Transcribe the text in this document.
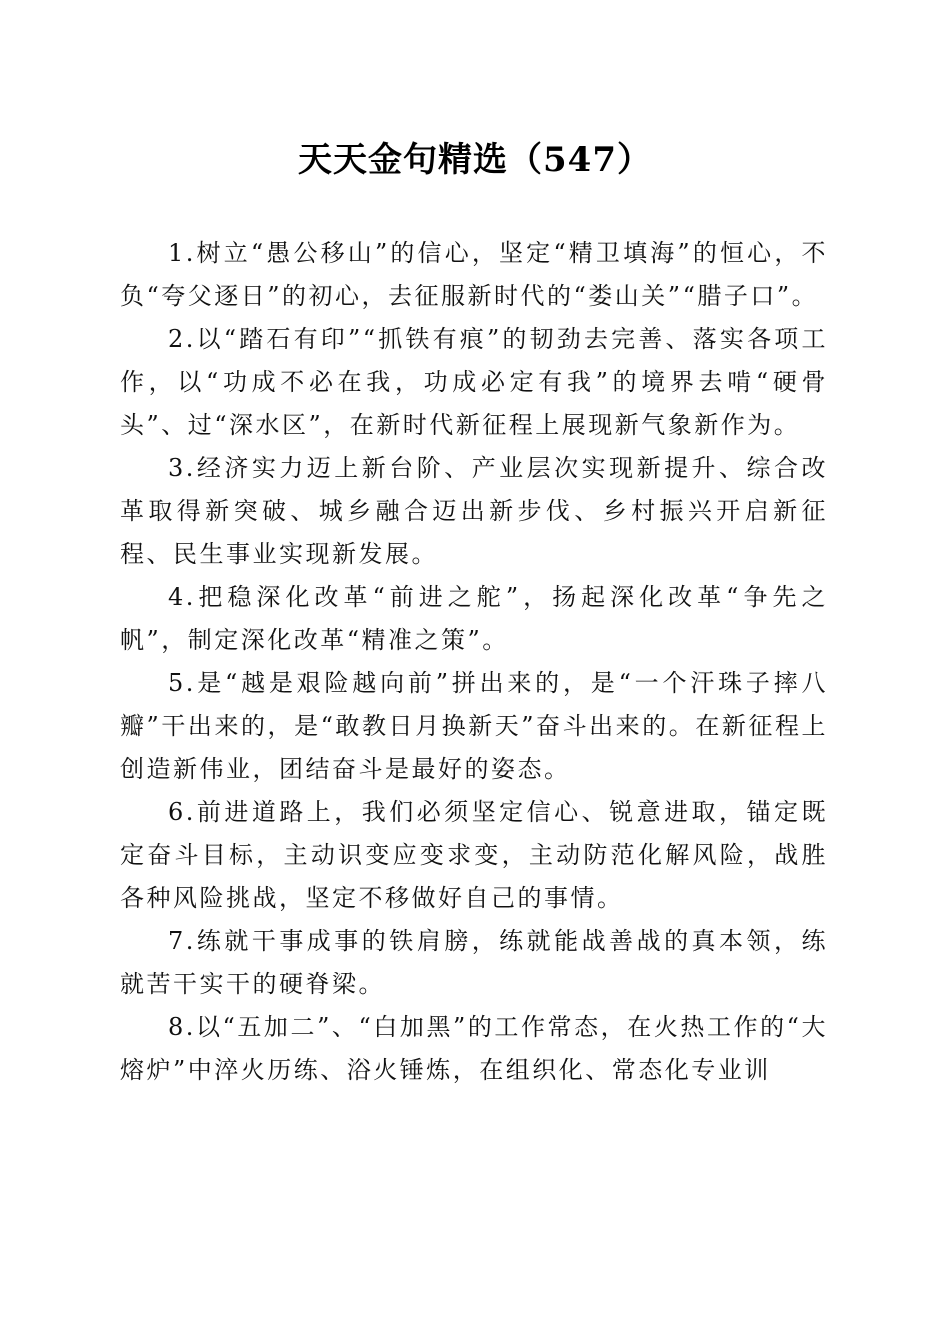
天天金句精选（547）

1.树立“愚公移山”的信心，坚定“精卫填海”的恒心，不负“夸父逐日”的初心，去征服新时代的“娄山关”“腊子口”。

2.以“踏石有印”“抓铁有痕”的韧劲去完善、落实各项工作，以“功成不必在我，功成必定有我”的境界去啃“硬骨头”、过“深水区”，在新时代新征程上展现新气象新作为。

3.经济实力迈上新台阶、产业层次实现新提升、综合改革取得新突破、城乡融合迈出新步伐、乡村振兴开启新征程、民生事业实现新发展。

4.把稳深化改革“前进之舵”，扬起深化改革“争先之帆”，制定深化改革“精准之策”。

5.是“越是艰险越向前”拼出来的，是“一个汗珠子摔八瓣”干出来的，是“敢教日月换新天”奋斗出来的。在新征程上创造新伟业，团结奋斗是最好的姿态。

6.前进道路上，我们必须坚定信心、锐意进取，锚定既定奋斗目标，主动识变应变求变，主动防范化解风险，战胜各种风险挑战，坚定不移做好自己的事情。

7.练就干事成事的铁肩膀，练就能战善战的真本领，练就苦干实干的硬脊梁。

8.以“五加二”、“白加黑”的工作常态，在火热工作的“大熔炉”中淬火历练、浴火锤炼，在组织化、常态化专业训
